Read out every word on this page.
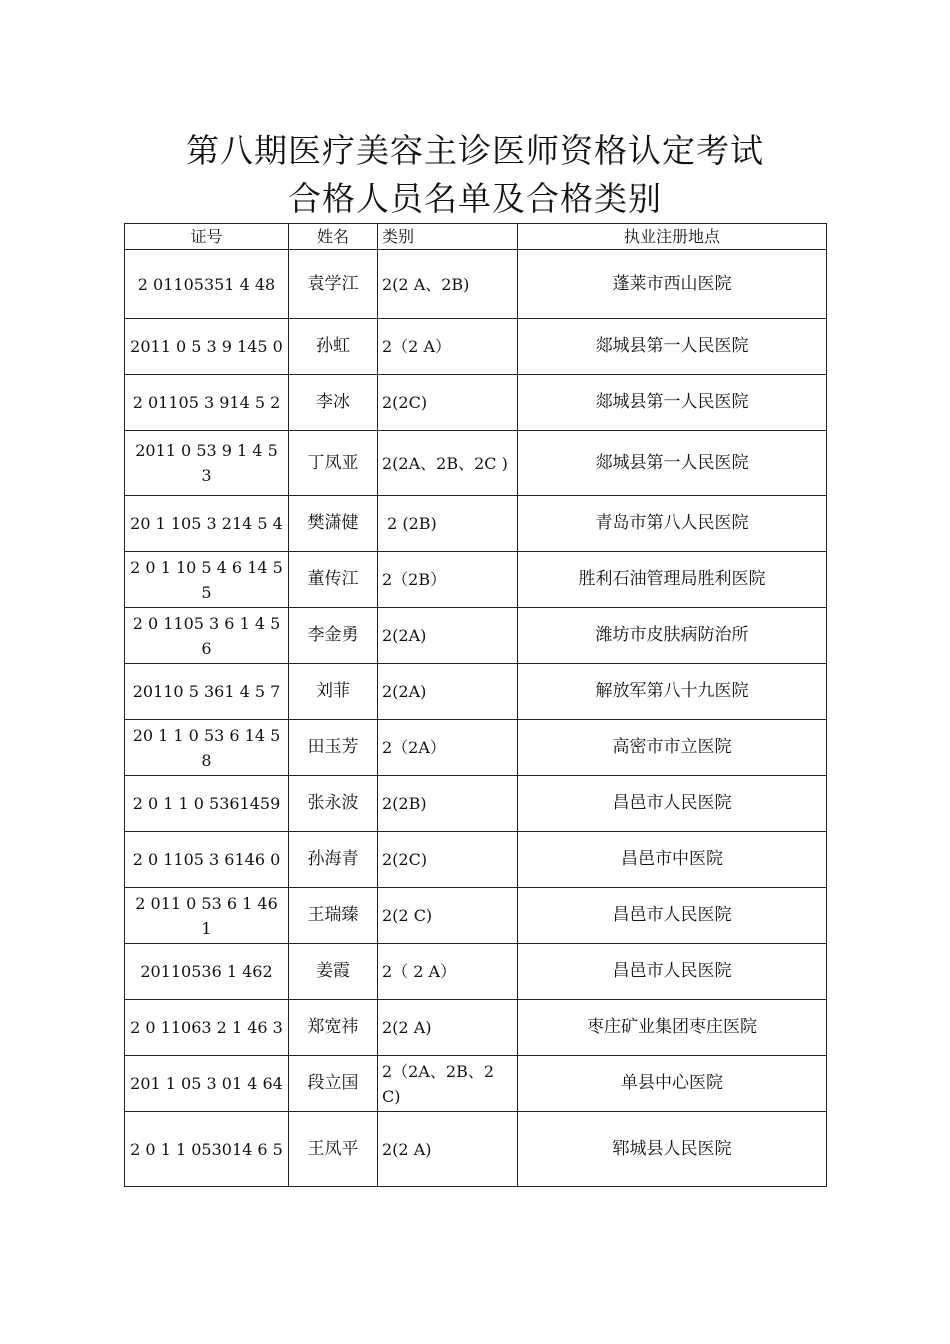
第八期医疗美容主诊医师资格认定考试
合格人员名单及合格类别
证号	姓名	类别	执业注册地点
2 01105351 4 48	袁学江	2(2 A、2B)	蓬莱市西山医院
2011 0 5 3 9 145 0	孙虹	2（2 A）	郯城县第一人民医院
2 01105 3 914 5 2	李冰	2(2C)	郯城县第一人民医院
2011 0 53 9 1 4 5 3	丁凤亚	2(2A、2B、2C )	郯城县第一人民医院
20 1 105 3 214 5 4	樊潇健	2 (2B)	青岛市第八人民医院
2 0 1 10 5 4 6 14 5 5	董传江	2（2B）	胜利石油管理局胜利医院
2 0 1105 3 6 1 4 5 6	李金勇	2(2A)	潍坊市皮肤病防治所
20110 5 361 4 5 7	刘菲	2(2A)	解放军第八十九医院
20 1 1 0 53 6 14 5 8	田玉芳	2（2A）	高密市市立医院
2 0 1 1 0 5361459	张永波	2(2B)	昌邑市人民医院
2 0 1105 3 6146 0	孙海青	2(2C)	昌邑市中医院
2 011 0 53 6 1 46 1	王瑞臻	2(2 C)	昌邑市人民医院
20110536 1 462	姜霞	2（ 2 A）	昌邑市人民医院
2 0 11063 2 1 46 3	郑宽祎	2(2 A)	枣庄矿业集团枣庄医院
201 1 05 3 01 4 64	段立国	2（2A、2B、2 C)	单县中心医院
2 0 1 1 053014 6 5	王凤平	2(2 A)	郓城县人民医院
